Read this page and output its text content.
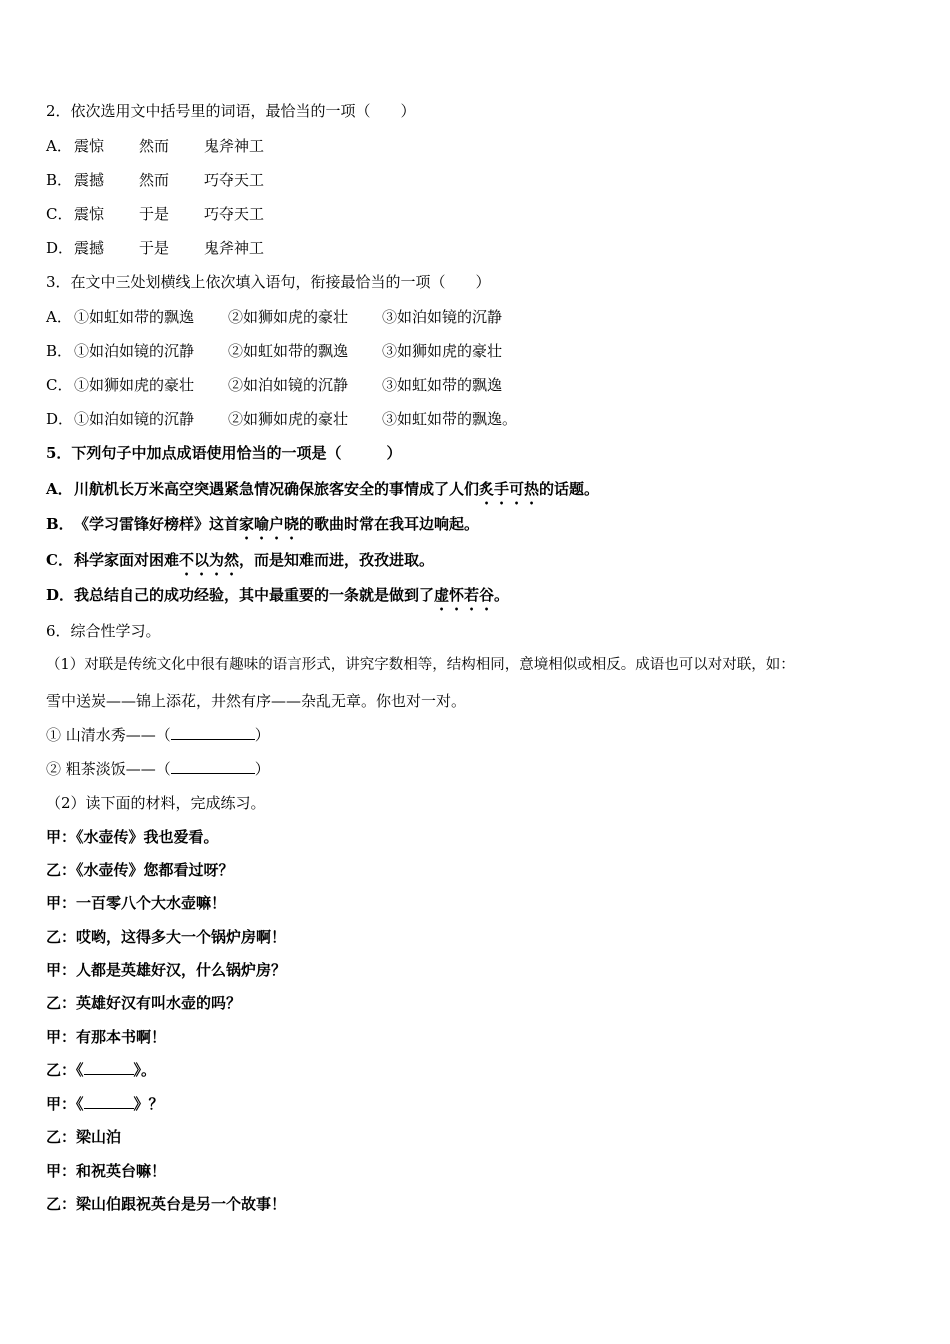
2．依次选用文中括号里的词语，最恰当的一项（　　）
A． 震惊 然而 鬼斧神工
B． 震撼 然而 巧夺天工
C． 震惊 于是 巧夺天工
D．震撼 于是 鬼斧神工
3．在文中三处划横线上依次填入语句，衔接最恰当的一项（　　）
A． ①如虹如带的飘逸 ②如狮如虎的豪壮 ③如泊如镜的沉静
B． ①如泊如镜的沉静 ②如虹如带的飘逸 ③如狮如虎的豪壮
C． ①如狮如虎的豪壮 ②如泊如镜的沉静 ③如虹如带的飘逸
D．①如泊如镜的沉静 ②如狮如虎的豪壮 ③如虹如带的飘逸。
5．下列句子中加点成语使用恰当的一项是（　　　）
A．川航机长万米高空突遇紧急情况确保旅客安全的事情成了人们炙手可热的话题。
B．《学习雷锋好榜样》这首家喻户晓的歌曲时常在我耳边响起。
C．科学家面对困难不以为然，而是知难而进，孜孜进取。
D．我总结自己的成功经验，其中最重要的一条就是做到了虚怀若谷。
6．综合性学习。
（1）对联是传统文化中很有趣味的语言形式，讲究字数相等，结构相同，意境相似或相反。成语也可以对对联，如：
雪中送炭——锦上添花，井然有序——杂乱无章。你也对一对。
① 山清水秀——（	）
② 粗茶淡饭——（	）
（2）读下面的材料，完成练习。
甲：《水壶传》我也爱看。
乙：《水壶传》您都看过呀？
甲：一百零八个大水壶嘛！
乙：哎哟，这得多大一个锅炉房啊！
甲：人都是英雄好汉，什么锅炉房？
乙：英雄好汉有叫水壶的吗？
甲：有那本书啊！
乙：《	》。
甲：《	》？
乙：梁山泊
甲：和祝英台嘛！
乙：梁山伯跟祝英台是另一个故事！
